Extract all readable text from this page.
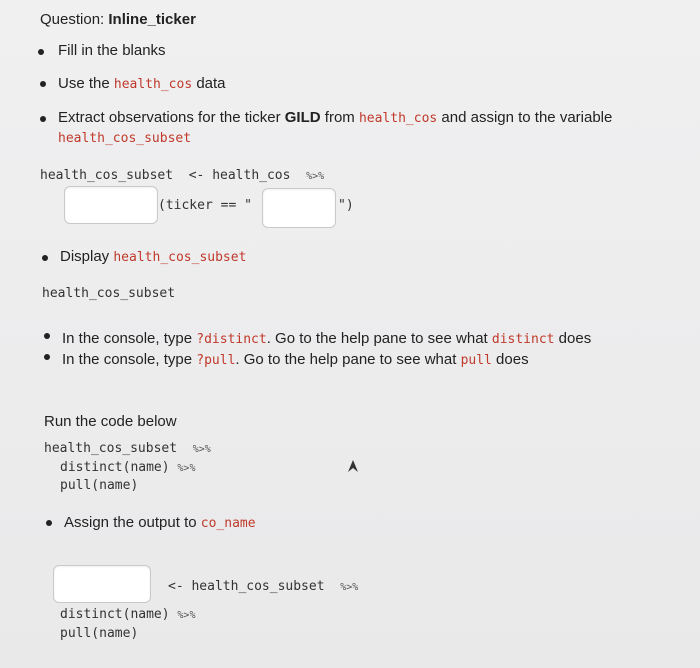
Question: Inline_ticker
Fill in the blanks
Use the health_cos data
Extract observations for the ticker GILD from health_cos and assign to the variable
health_cos_subset
health_cos_subset <- health_cos %>%
(ticker == "	")
Display health_cos_subset
health_cos_subset
In the console, type ?distinct. Go to the help pane to see what distinct does
In the console, type ?pull. Go to the help pane to see what pull does
Run the code below
health_cos_subset %>%
distinct(name) %>%
pull(name)
Assign the output to co_name
<- health_cos_subset %>%
distinct(name) %>%
pull(name)
